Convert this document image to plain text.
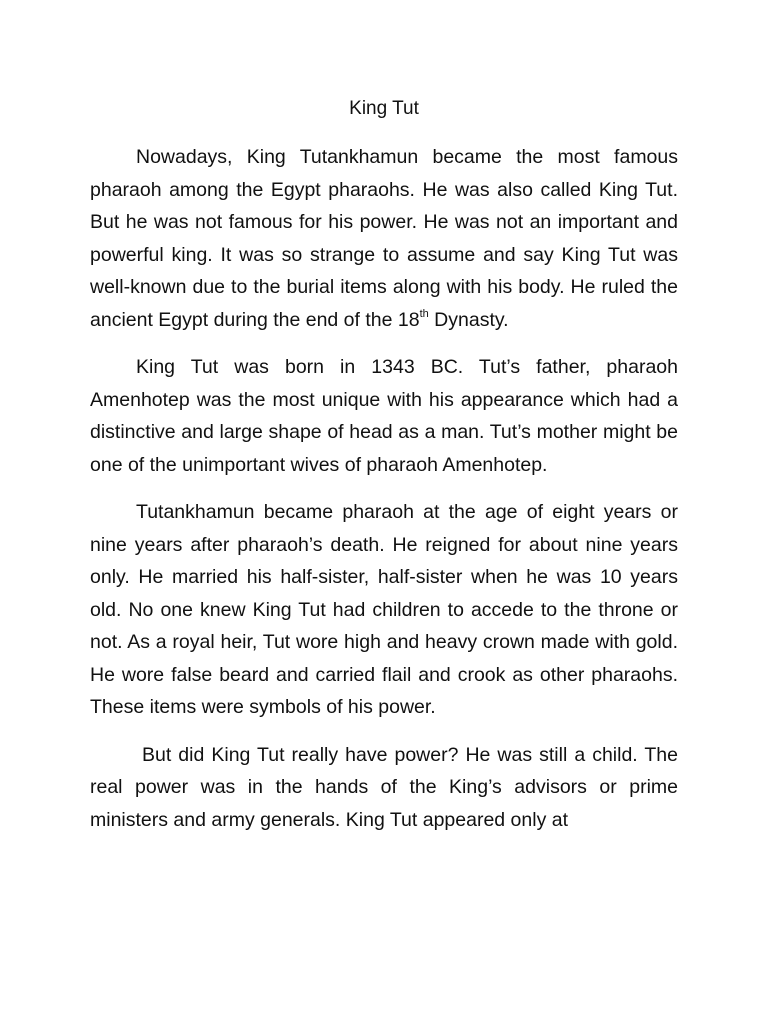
King Tut

Nowadays, King Tutankhamun became the most famous pharaoh among the Egypt pharaohs. He was also called King Tut. But he was not famous for his power. He was not an important and powerful king. It was so strange to assume and say King Tut was well-known due to the burial items along with his body. He ruled the ancient Egypt during the end of the 18th Dynasty.

King Tut was born in 1343 BC. Tut’s father, pharaoh Amenhotep was the most unique with his appearance which had a distinctive and large shape of head as a man. Tut’s mother might be one of the unimportant wives of pharaoh Amenhotep.

Tutankhamun became pharaoh at the age of eight years or nine years after pharaoh’s death. He reigned for about nine years only. He married his half-sister, half-sister when he was 10 years old. No one knew King Tut had children to accede to the throne or not. As a royal heir, Tut wore high and heavy crown made with gold. He wore false beard and carried flail and crook as other pharaohs. These items were symbols of his power.

But did King Tut really have power? He was still a child. The real power was in the hands of the King’s advisors or prime ministers and army generals. King Tut appeared only at
